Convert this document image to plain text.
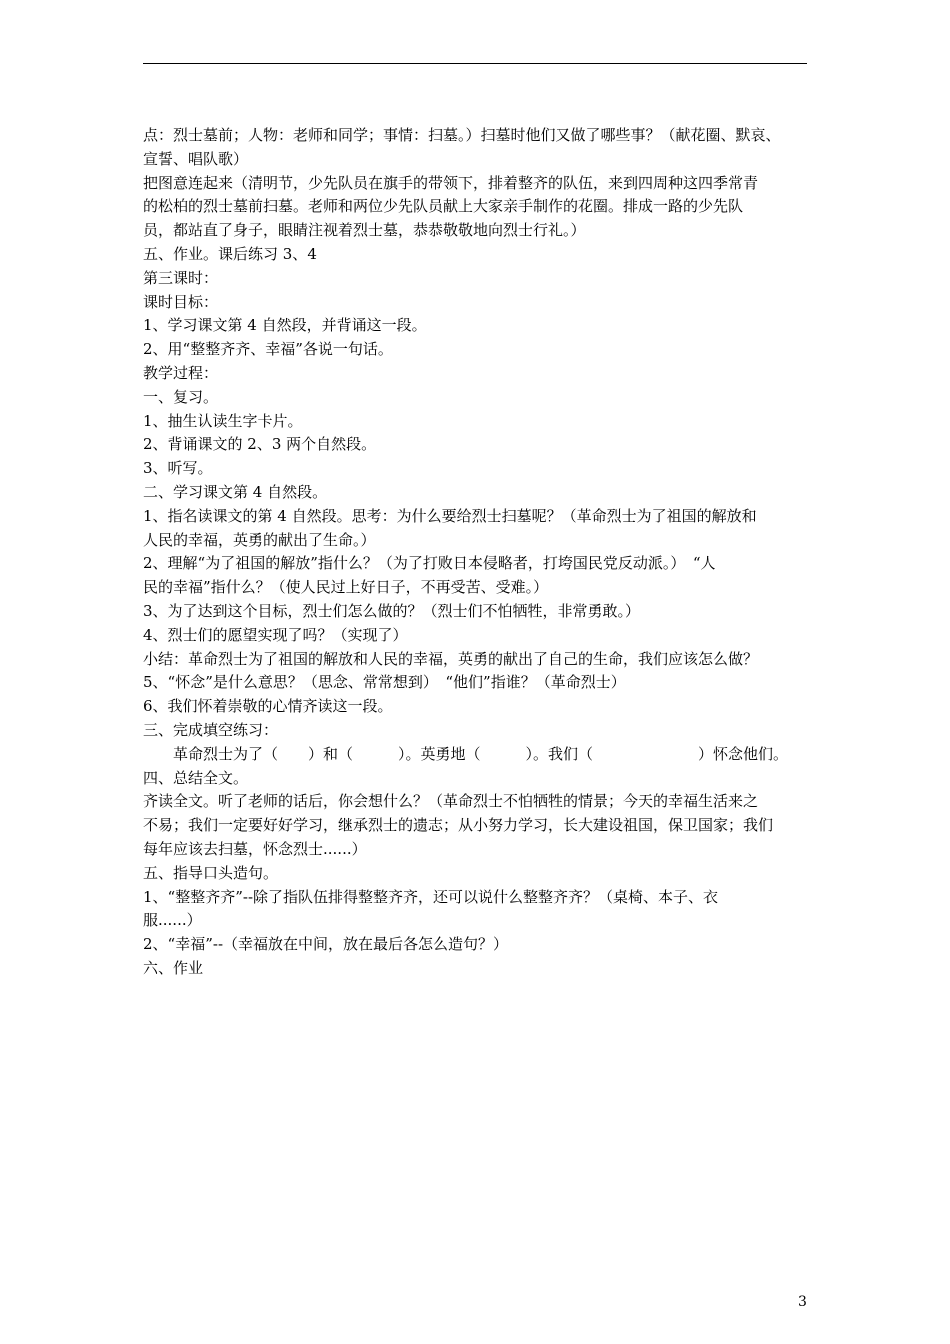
点：烈士墓前；人物：老师和同学；事情：扫墓。）扫墓时他们又做了哪些事？（献花圈、默哀、
宣誓、唱队歌）
把图意连起来（清明节，少先队员在旗手的带领下，排着整齐的队伍，来到四周种这四季常青
的松柏的烈士墓前扫墓。老师和两位少先队员献上大家亲手制作的花圈。排成一路的少先队
员，都站直了身子，眼睛注视着烈士墓，恭恭敬敬地向烈士行礼。）
五、作业。课后练习 3、4
第三课时：
课时目标：
1、学习课文第 4 自然段，并背诵这一段。
2、用“整整齐齐、幸福”各说一句话。
教学过程：
一、复习。
1、抽生认读生字卡片。
2、背诵课文的 2、3 两个自然段。
3、听写。
二、学习课文第 4 自然段。
1、指名读课文的第 4 自然段。思考：为什么要给烈士扫墓呢？（革命烈士为了祖国的解放和
人民的幸福，英勇的献出了生命。）
2、理解“为了祖国的解放”指什么？（为了打败日本侵略者，打垮国民党反动派。）　“人
民的幸福”指什么？（使人民过上好日子，不再受苦、受难。）
3、为了达到这个目标，烈士们怎么做的？（烈士们不怕牺牲，非常勇敢。）
4、烈士们的愿望实现了吗？（实现了）
小结：革命烈士为了祖国的解放和人民的幸福，英勇的献出了自己的生命，我们应该怎么做？
5、“怀念”是什么意思？（思念、常常想到）　“他们”指谁？（革命烈士）
6、我们怀着崇敬的心情齐读这一段。
三、完成填空练习：
革命烈士为了（　　）和（　　　）。英勇地（　　　）。我们（　　　　　　　）怀念他们。
四、总结全文。
齐读全文。听了老师的话后，你会想什么？（革命烈士不怕牺牲的情景；今天的幸福生活来之
不易；我们一定要好好学习，继承烈士的遗志；从小努力学习，长大建设祖国，保卫国家；我们
每年应该去扫墓，怀念烈士......）
五、指导口头造句。
1、“整整齐齐”--除了指队伍排得整整齐齐，还可以说什么整整齐齐？（桌椅、本子、衣
服......）
2、“幸福”--（幸福放在中间，放在最后各怎么造句？）
六、作业
3
